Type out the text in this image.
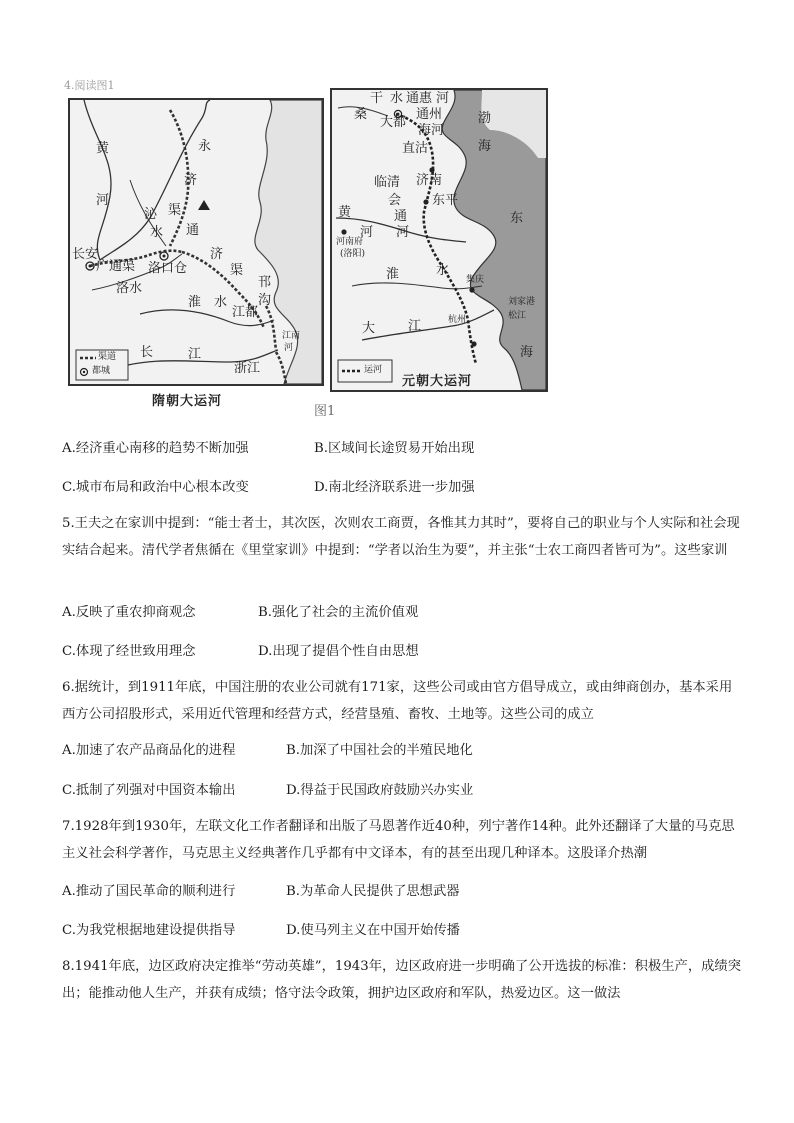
4.阅读图1
黄
河
永
济
渠
沁
水 通
济
渠
长安
广通渠 洛口仓
洛水
淮 水
江都
邗
沟
长	江
浙江
江南
河
渠道
都城
隋朝大运河
桑
干 水
大都
通惠 河
通州
海河
直沽
渤
海
济南
临清
会
通
河
东平
黄
河
河南府
(洛阳)
淮	水
集庆
大	江	杭州
刘家港
松江
东
海
运河
元朝大运河
图1
A.经济重心南移的趋势不断加强	B.区域间长途贸易开始出现
C.城市布局和政治中心根本改变	D.南北经济联系进一步加强

5.王夫之在家训中提到：“能士者士，其次医，次则农工商贾，各惟其力其时”，要将自己的职业与个人实际和社会现实结合起来。清代学者焦循在《里堂家训》中提到：“学者以治生为要”，并主张“士农工商四者皆可为”。这些家训

A.反映了重农抑商观念	B.强化了社会的主流价值观
C.体现了经世致用理念	D.出现了提倡个性自由思想

6.据统计，到1911年底，中国注册的农业公司就有171家，这些公司或由官方倡导成立，或由绅商创办，基本采用西方公司招股形式，采用近代管理和经营方式，经营垦殖、畜牧、土地等。这些公司的成立

A.加速了农产品商品化的进程	B.加深了中国社会的半殖民地化
C.抵制了列强对中国资本输出	D.得益于民国政府鼓励兴办实业

7.1928年到1930年，左联文化工作者翻译和出版了马恩著作近40种，列宁著作14种。此外还翻译了大量的马克思主义社会科学著作，马克思主义经典著作几乎都有中文译本，有的甚至出现几种译本。这股译介热潮

A.推动了国民革命的顺利进行	B.为革命人民提供了思想武器
C.为我党根据地建设提供指导	D.使马列主义在中国开始传播

8.1941年底，边区政府决定推举“劳动英雄”，1943年，边区政府进一步明确了公开选拔的标准：积极生产，成绩突出；能推动他人生产，并获有成绩；恪守法令政策，拥护边区政府和军队，热爱边区。这一做法
